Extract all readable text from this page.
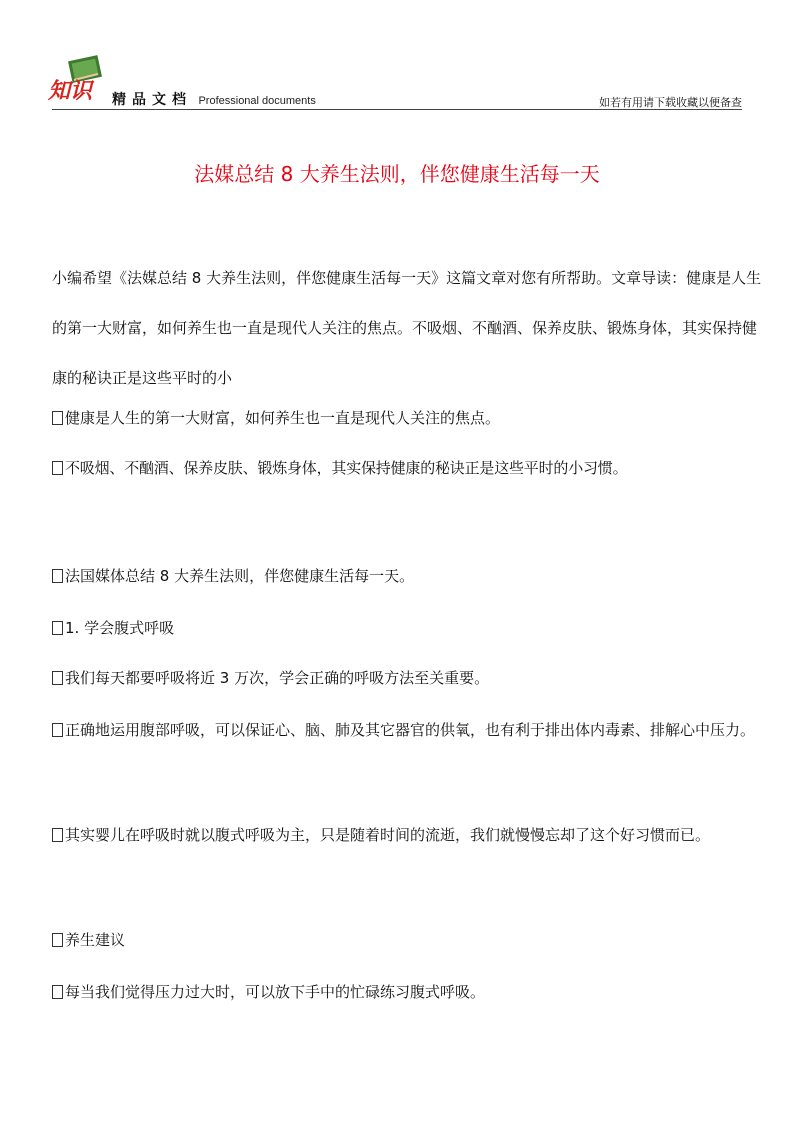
知识 精品文档 Professional documents	如若有用请下载收藏以便备查
法媒总结 8 大养生法则，伴您健康生活每一天
小编希望《法媒总结 8 大养生法则，伴您健康生活每一天》这篇文章对您有所帮助。文章导读：健康是人生的第一大财富，如何养生也一直是现代人关注的焦点。不吸烟、不酗酒、保养皮肤、锻炼身体，其实保持健康的秘诀正是这些平时的小
健康是人生的第一大财富，如何养生也一直是现代人关注的焦点。
不吸烟、不酗酒、保养皮肤、锻炼身体，其实保持健康的秘诀正是这些平时的小习惯。
法国媒体总结 8 大养生法则，伴您健康生活每一天。
1. 学会腹式呼吸
我们每天都要呼吸将近 3 万次，学会正确的呼吸方法至关重要。
正确地运用腹部呼吸，可以保证心、脑、肺及其它器官的供氧，也有利于排出体内毒素、排解心中压力。
其实婴儿在呼吸时就以腹式呼吸为主，只是随着时间的流逝，我们就慢慢忘却了这个好习惯而已。
养生建议
每当我们觉得压力过大时，可以放下手中的忙碌练习腹式呼吸。
